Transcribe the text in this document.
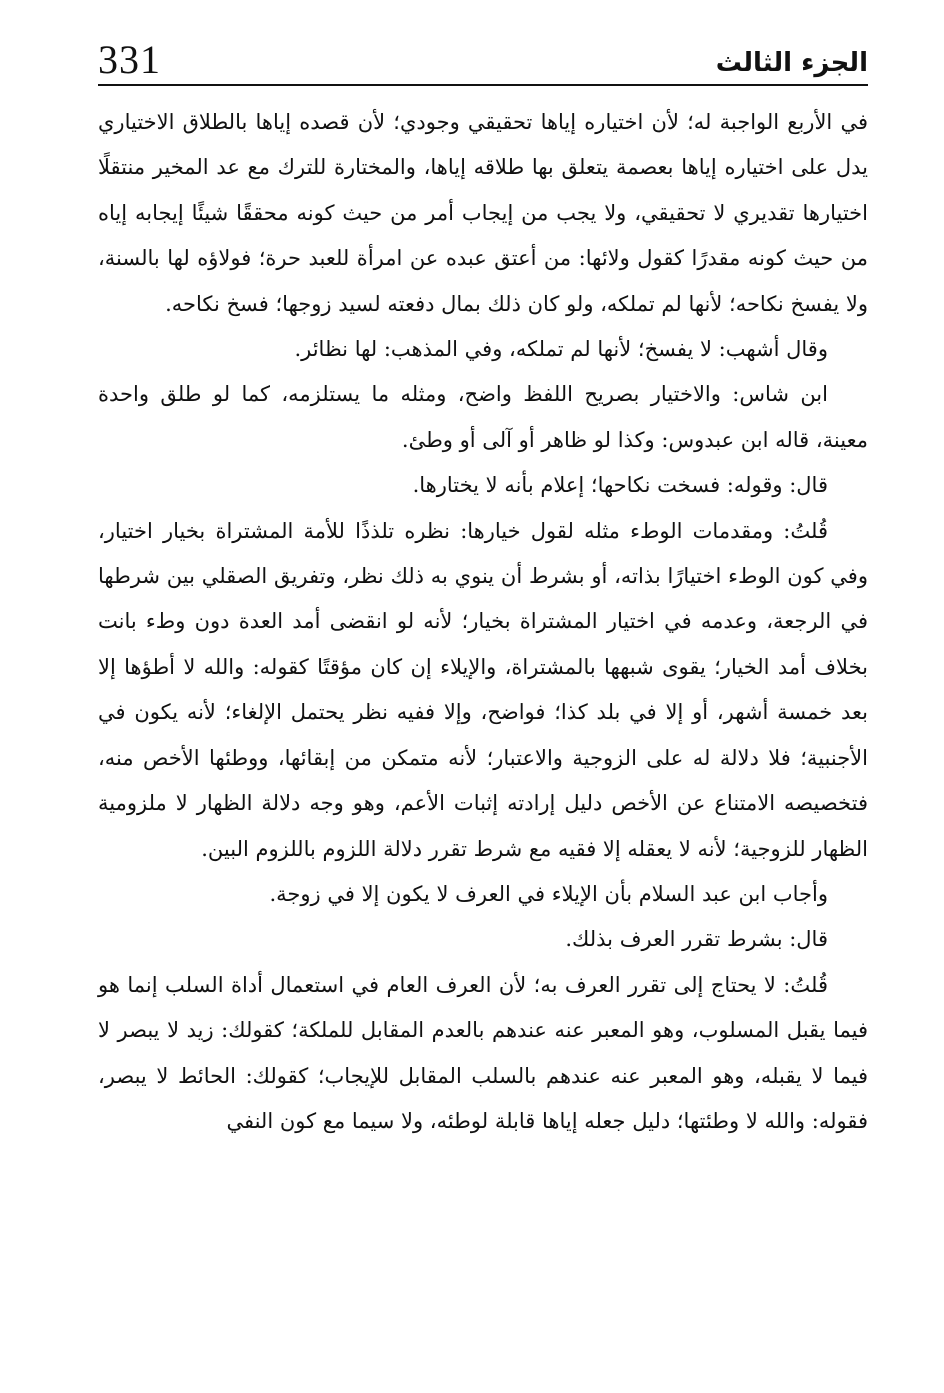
331	الجزء الثالث

في الأربع الواجبة له؛ لأن اختياره إياها تحقيقي وجودي؛ لأن قصده إياها بالطلاق الاختياري يدل على اختياره إياها بعصمة يتعلق بها طلاقه إياها، والمختارة للترك مع عد المخير منتقلًا اختيارها تقديري لا تحقيقي، ولا يجب من إيجاب أمر من حيث كونه محققًا شيئًا إيجابه إياه من حيث كونه مقدرًا كقول ولائها: من أعتق عبده عن امرأة للعبد حرة؛ فولاؤه لها بالسنة، ولا يفسخ نكاحه؛ لأنها لم تملكه، ولو كان ذلك بمال دفعته لسيد زوجها؛ فسخ نكاحه.

وقال أشهب: لا يفسخ؛ لأنها لم تملكه، وفي المذهب: لها نظائر.

ابن شاس: والاختيار بصريح اللفظ واضح، ومثله ما يستلزمه، كما لو طلق واحدة معينة، قاله ابن عبدوس: وكذا لو ظاهر أو آلى أو وطئ.

قال: وقوله: فسخت نكاحها؛ إعلام بأنه لا يختارها.

قُلتُ: ومقدمات الوطء مثله لقول خيارها: نظره تلذذًا للأمة المشتراة بخيار اختيار، وفي كون الوطء اختيارًا بذاته، أو بشرط أن ينوي به ذلك نظر، وتفريق الصقلي بين شرطها في الرجعة، وعدمه في اختيار المشتراة بخيار؛ لأنه لو انقضى أمد العدة دون وطء بانت بخلاف أمد الخيار؛ يقوى شبهها بالمشتراة، والإيلاء إن كان مؤقتًا كقوله: والله لا أطؤها إلا بعد خمسة أشهر، أو إلا في بلد كذا؛ فواضح، وإلا ففيه نظر يحتمل الإلغاء؛ لأنه يكون في الأجنبية؛ فلا دلالة له على الزوجية والاعتبار؛ لأنه متمكن من إبقائها، ووطئها الأخص منه، فتخصيصه الامتناع عن الأخص دليل إرادته إثبات الأعم، وهو وجه دلالة الظهار لا ملزومية الظهار للزوجية؛ لأنه لا يعقله إلا فقيه مع شرط تقرر دلالة اللزوم باللزوم البين.

وأجاب ابن عبد السلام بأن الإيلاء في العرف لا يكون إلا في زوجة.

قال: بشرط تقرر العرف بذلك.

قُلتُ: لا يحتاج إلى تقرر العرف به؛ لأن العرف العام في استعمال أداة السلب إنما هو فيما يقبل المسلوب، وهو المعبر عنه عندهم بالعدم المقابل للملكة؛ كقولك: زيد لا يبصر لا فيما لا يقبله، وهو المعبر عنه عندهم بالسلب المقابل للإيجاب؛ كقولك: الحائط لا يبصر، فقوله: والله لا وطئتها؛ دليل جعله إياها قابلة لوطئه، ولا سيما مع كون النفي
